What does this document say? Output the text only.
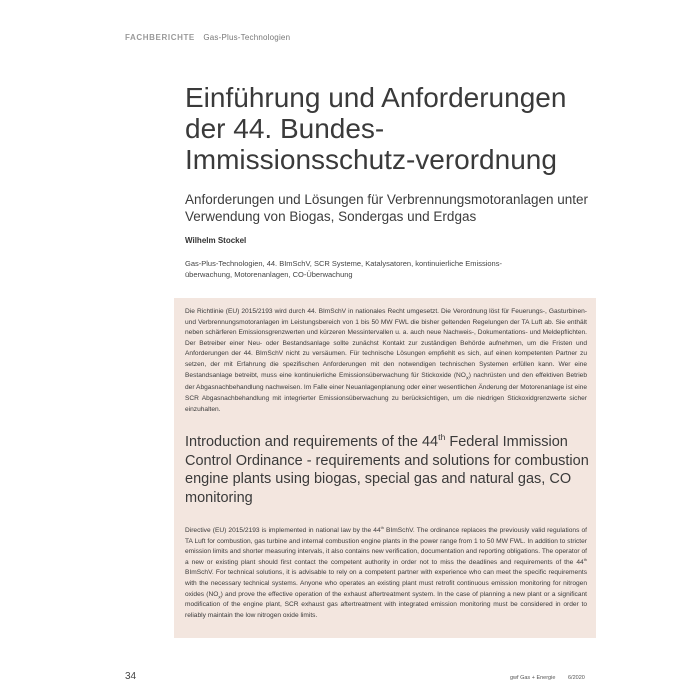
FACHBERICHTE Gas-Plus-Technologien
Einführung und Anforderungen der 44. Bundes-Immissionsschutz-verordnung
Anforderungen und Lösungen für Verbrennungsmotoranlagen unter Verwendung von Biogas, Sondergas und Erdgas
Wilhelm Stockel
Gas-Plus-Technologien, 44. BImSchV, SCR Systeme, Katalysatoren, kontinuierliche Emissions-überwachung, Motorenanlagen, CO-Überwachung
Die Richtlinie (EU) 2015/2193 wird durch 44. BImSchV in nationales Recht umgesetzt. Die Verordnung löst für Feuerungs-, Gasturbinen- und Verbrennungsmotoranlagen im Leistungsbereich von 1 bis 50 MW FWL die bisher geltenden Regelungen der TA Luft ab. Sie enthält neben schärferen Emissionsgrenzwerten und kürzeren Messintervallen u. a. auch neue Nachweis-, Dokumentations- und Meldepflichten. Der Betreiber einer Neu- oder Bestandsanlage sollte zunächst Kontakt zur zuständigen Behörde aufnehmen, um die Fristen und Anforderungen der 44. BImSchV nicht zu versäumen. Für technische Lösungen empfiehlt es sich, auf einen kompetenten Partner zu setzen, der mit Erfahrung die spezifischen Anforderungen mit den notwendigen technischen Systemen erfüllen kann. Wer eine Bestandsanlage betreibt, muss eine kontinuierliche Emissionsüberwachung für Stickoxide $(NO_x)$ nachrüsten und den effektiven Betrieb der Abgasnachbehandlung nachweisen. Im Falle einer Neuanlagenplanung oder einer wesentlichen Änderung der Motorenanlage ist eine SCR Abgasnachbehandlung mit integrierter Emissionsüberwachung zu berücksichtigen, um die niedrigen Stickoxidgrenzwerte sicher einzuhalten.
Introduction and requirements of the 44th Federal Immission Control Ordinance - requirements and solutions for combustion engine plants using biogas, special gas and natural gas, CO monitoring
Directive (EU) 2015/2193 is implemented in national law by the 44th BImSchV. The ordinance replaces the previously valid regulations of TA Luft for combustion, gas turbine and internal combustion engine plants in the power range from 1 to 50 MW FWL. In addition to stricter emission limits and shorter measuring intervals, it also contains new verification, documentation and reporting obligations. The operator of a new or existing plant should first contact the competent authority in order not to miss the deadlines and requirements of the 44th BImSchV. For technical solutions, it is advisable to rely on a competent partner with experience who can meet the specific requirements with the necessary technical systems. Anyone who operates an existing plant must retrofit continuous emission monitoring for nitrogen oxides $(NO_x)$ and prove the effective operation of the exhaust aftertreatment system. In the case of planning a new plant or a significant modification of the engine plant, SCR exhaust gas aftertreatment with integrated emission monitoring must be considered in order to reliably maintain the low nitrogen oxide limits.
34	gwf Gas + Energie 6/2020
